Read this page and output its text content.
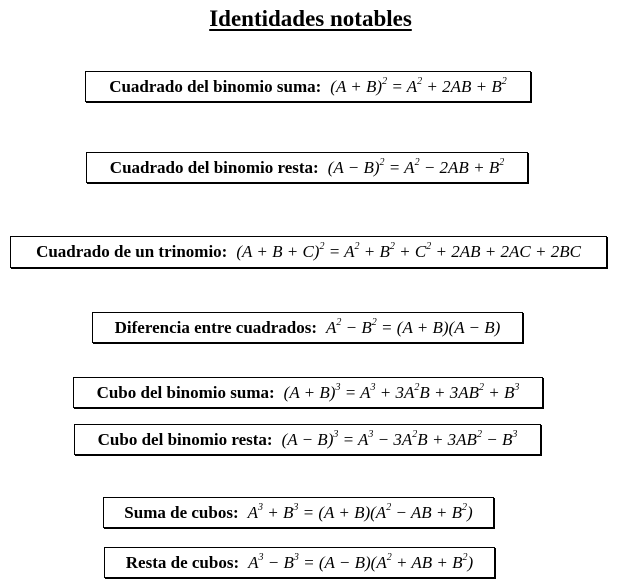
Identidades notables
Cuadrado del binomio suma: $(A + B)^2 = A^2 + 2AB + B^2$
Cuadrado del binomio resta: $(A - B)^2 = A^2 - 2AB + B^2$
Cuadrado de un trinomio: $(A + B + C)^2 = A^2 + B^2 + C^2 + 2AB + 2AC + 2BC$
Diferencia entre cuadrados: $A^2 - B^2 = (A + B)(A - B)$
Cubo del binomio suma: $(A + B)^3 = A^3 + 3A^2B + 3AB^2 + B^3$
Cubo del binomio resta: $(A - B)^3 = A^3 - 3A^2B + 3AB^2 - B^3$
Suma de cubos: $A^3 + B^3 = (A + B)(A^2$ − AB + $B^2$)
Resta de cubos: $A^3 - B^3 = (A - B)(A^2$ + AB + $B^2$)
